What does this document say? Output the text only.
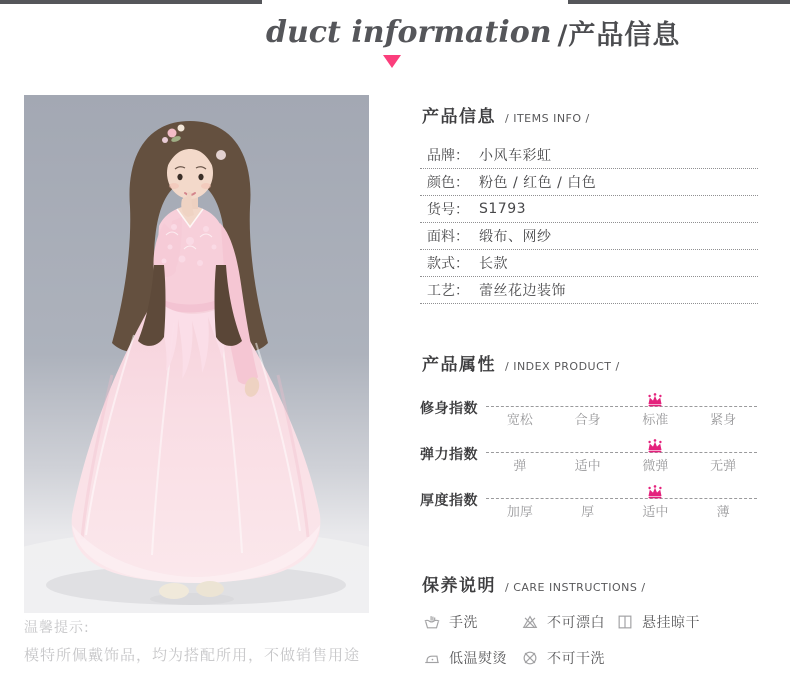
duct information /产品信息
产品信息 / ITEMS INFO /
品牌： 小风车彩虹
颜色： 粉色 / 红色 / 白色
货号： S1793
面料： 缎布、网纱
款式： 长款
工艺： 蕾丝花边装饰
产品属性 / INDEX PRODUCT /
修身指数
宽松	合身	标准	紧身
弹力指数
弹	适中	微弹	无弹
厚度指数
加厚	厚	适中	薄
保养说明 / CARE INSTRUCTIONS /
手洗	不可漂白	悬挂晾干
低温熨烫	不可干洗
温馨提示:
模特所佩戴饰品，均为搭配所用，不做销售用途
